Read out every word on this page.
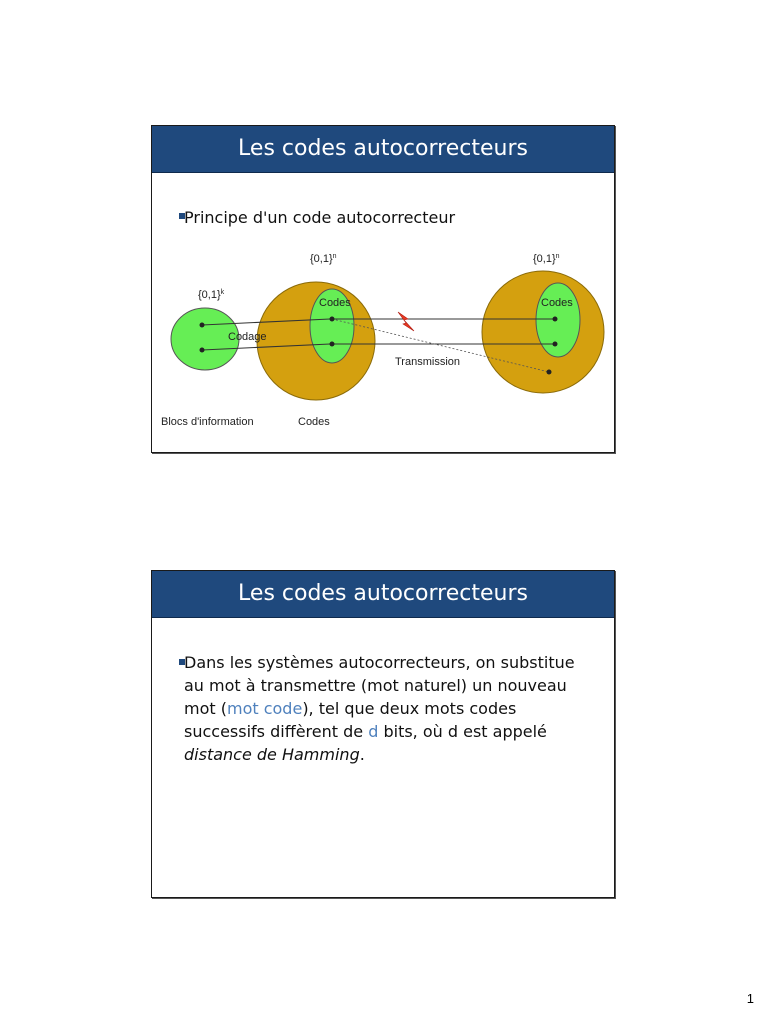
Les codes autocorrecteurs
Principe d'un code autocorrecteur
$\{0,1\}^k$
$\{0,1\}^n$	$\{0,1\}^n$
Codes	Codes
Codage
Transmission
Blocs d'information	Codes
Les codes autocorrecteurs
Dans les systèmes autocorrecteurs, on substitue au mot à transmettre (mot naturel) un nouveau mot (mot code), tel que deux mots codes successifs diffèrent de d bits, où d est appelé distance de Hamming.
1
